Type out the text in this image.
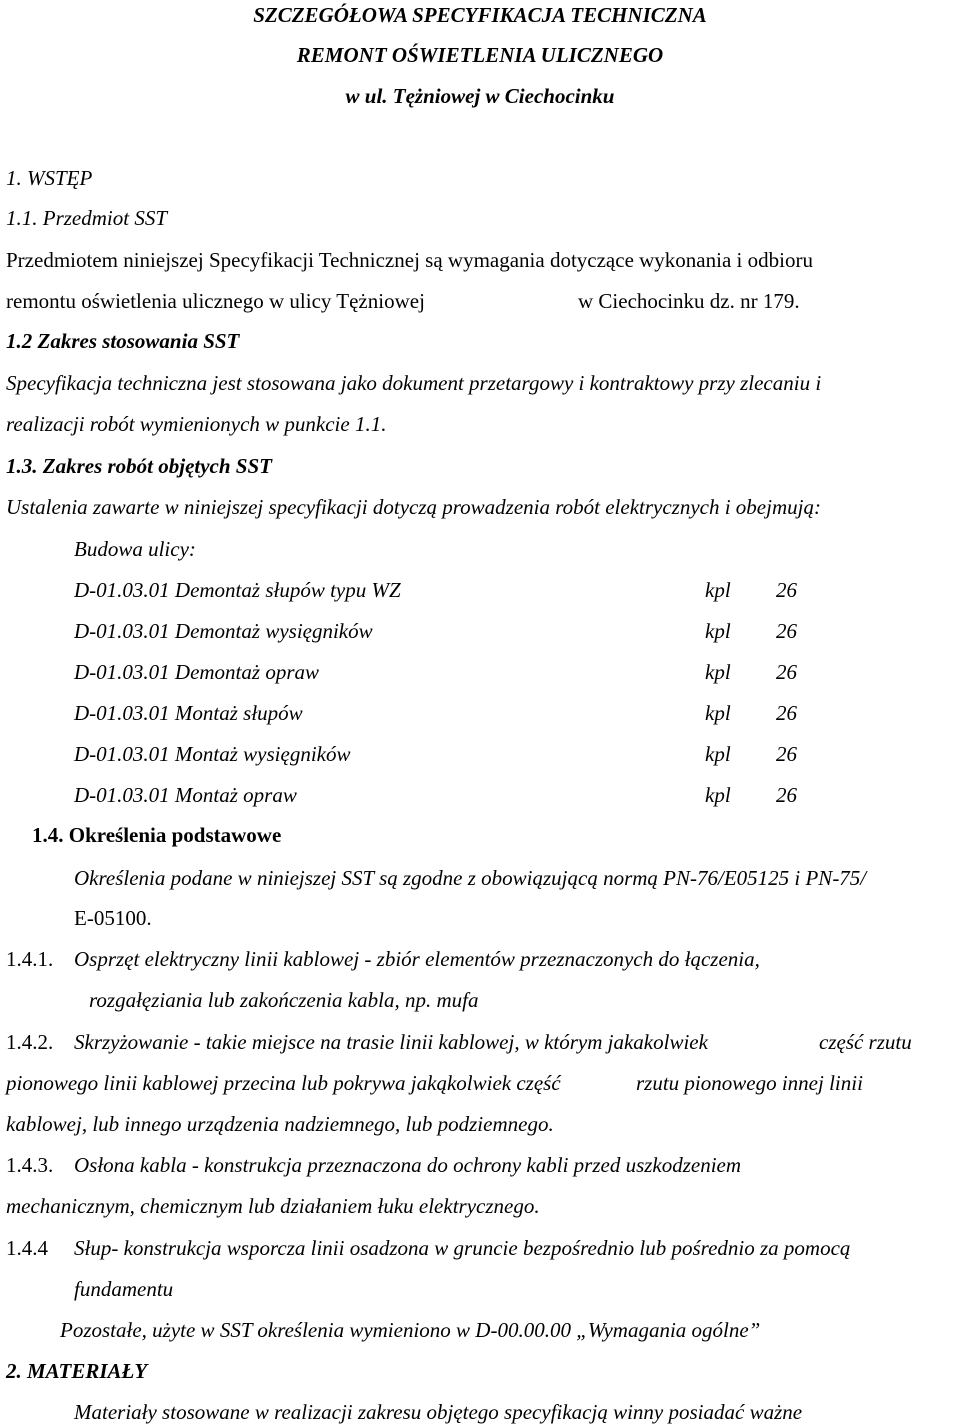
SZCZEGÓŁOWA SPECYFIKACJA TECHNICZNA
REMONT OŚWIETLENIA ULICZNEGO
w ul. Tężniowej w Ciechocinku
1. WSTĘP
1.1. Przedmiot SST
Przedmiotem niniejszej Specyfikacji Technicznej są wymagania dotyczące wykonania i odbioru
remontu oświetlenia ulicznego w ulicy Tężniowej	w Ciechocinku dz. nr 179.
1.2 Zakres stosowania SST
Specyfikacja techniczna jest stosowana jako dokument przetargowy i kontraktowy przy zlecaniu i
realizacji robót wymienionych w punkcie 1.1.
1.3. Zakres robót objętych SST
Ustalenia zawarte w niniejszej specyfikacji dotyczą prowadzenia robót elektrycznych i obejmują:
Budowa ulicy:
D-01.03.01 Demontaż słupów typu WZ	kpl 26
D-01.03.01 Demontaż wysięgników	kpl 26
D-01.03.01 Demontaż opraw	kpl 26
D-01.03.01 Montaż słupów	kpl 26
D-01.03.01 Montaż wysięgników	kpl 26
D-01.03.01 Montaż opraw	kpl 26
1.4. Określenia podstawowe
Określenia podane w niniejszej SST są zgodne z obowiązującą normą PN-76/E05125 i PN-75/
E-05100.
1.4.1. Osprzęt elektryczny linii kablowej - zbiór elementów przeznaczonych do łączenia,
rozgałęziania lub zakończenia kabla, np. mufa
1.4.2. Skrzyżowanie - takie miejsce na trasie linii kablowej, w którym jakakolwiek	część rzutu
pionowego linii kablowej przecina lub pokrywa jakąkolwiek część	rzutu pionowego innej linii
kablowej, lub innego urządzenia nadziemnego, lub podziemnego.
1.4.3. Osłona kabla - konstrukcja przeznaczona do ochrony kabli przed uszkodzeniem
mechanicznym, chemicznym lub działaniem łuku elektrycznego.
1.4.4 Słup- konstrukcja wsporcza linii osadzona w gruncie bezpośrednio lub pośrednio za pomocą
fundamentu
Pozostałe, użyte w SST określenia wymieniono w D-00.00.00 „Wymagania ogólne”
2. MATERIAŁY
Materiały stosowane w realizacji zakresu objętego specyfikacją winny posiadać ważne
